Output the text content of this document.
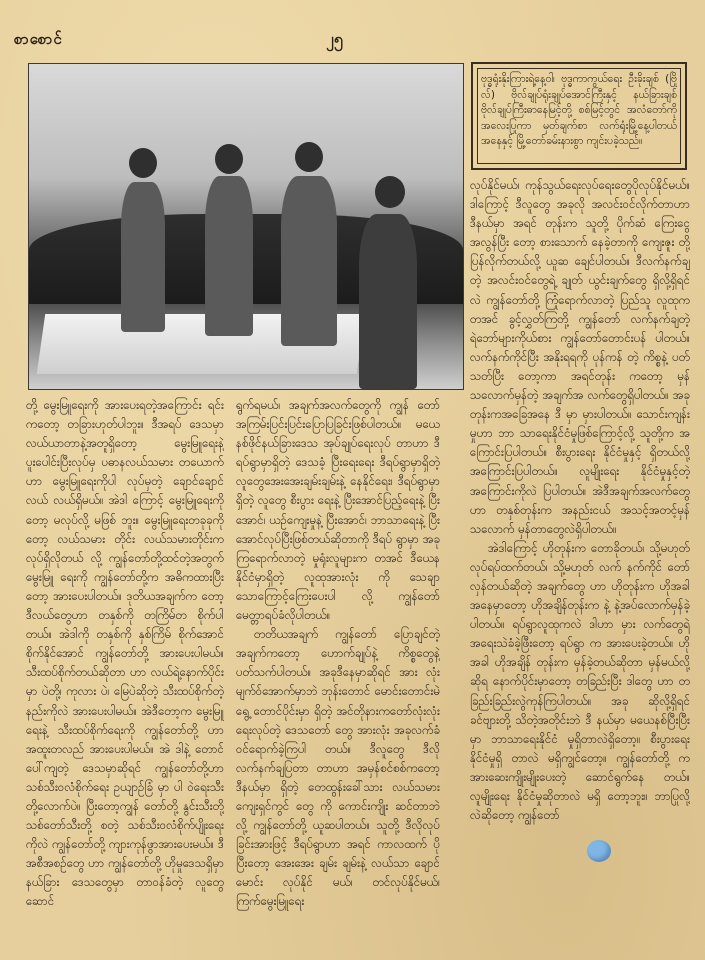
စာစောင်	၂၅

ဗုဒ္ဓရုံးနိုးကြားရဲ့နေ့ဝါ၊ ဗုဒ္ဓကာကွယ်ရေး ဦးခိုးချစ် (ဗြိုလ်) ဗိုလ်ချုပ်ရုံးချုပ်အောင်ကြီးနှင့် နယ်ခြားချစ် ဗိုလ်ချုပ်ကြီးဓာနေမြင့်တို့ စစ်မြင့်တွင် အလံတော်ကို အလေးပြုကာ မှတ်ချက်စာ လက်ရုံးမြို့နေ့ပါတယ်အနေနှင့် မြို့တော်ခမ်းနားစွာ ကျင်းပခဲ့သည်။

တို့ မွေးမြူရေးကို အားပေးရတဲ့အကြောင်း ရင်းကတော့ တခြားဟုတ်ပါဘူး။ ဒီအရပ် ဒေသမှာ လယ်ယာတာနဲ့အတူရှိတော့ မွေးမြူရေးနဲ့ ပူးပေါင်းပြီးလုပ်မှ ပဓာနလယ်သမား တယောက်ဟာ မွေးမြူရေးကိုပါ လုပ်မှတဲ့ ချောင်ချောင် လယ် လယ်ရှိမယ်။ အဲဒါ ကြောင့် မွေးမြူရေးကိုတော့ မလုပ်လို့ မဖြစ် ဘူး။ မွေးမြူရေးတခုခုကိုတော့ လယ်သမား တိုင်း လယ်သမားတိုင်းက လုပ်ရှိလိုတယ် လို့ ကျွန်တော်တို့ထင်တဲ့အတွက် မွေးမြူ ရေးကို ကျွန်တော်တို့က အဓိကထားပြီး တော့ အားပေးပါတယ်။ ဒုတိယအချက်က တော့ ဒီလယ်တွေဟာ တနှစ်ကို တကြိမ်တ စိုက်ပါတယ်။ အဲဒါကို တနှစ်ကို နှစ်ကြိမ် စိုက်အောင် စိုက်နိုင်အောင် ကျွန်တော်တို့ အားပေးပါမယ်။ သီးထပ်စိုက်တယ်ဆိုတာ ဟာ လယ်ရဲ့နောက်ပိုင်းမှာ ပဲတို့၊ ကုလား ပဲ၊ မြေပဲဆိုတဲ့ သီးထပ်စိုက်တဲ့ နည်းကိုလဲ အားပေးပါမယ်။ အဲဒီတော့က မွေးမြူ ရေးနဲ့ သီးထပ်စိုက်ရေးကို ကျွန်တော်တို့ ဟာ အထူးတလည် အားပေးပါမယ်။ အဲ ဒါနဲ့ တောင်ပေါ်ကျတဲ့ ဒေသမှာဆိုရင် ကျွန်တော်တို့ဟာ သစ်သီးဝလံစိုက်ရေး ဥယျာဉ်ခြံ မှာ ပါ ဝဲရေးသီးတို့လောက်ပဲ။ ပြီးတော့ကျွန် တော်တို့ နွင်းသီးတို့ သစ်တော်သီးတို့ စတဲ့ သစ်သီးဝလံစိုက်ပျိုးရေးကိုလဲ ကျွန်တော်တို့ ကျားကုန်ဖွာအားပေးမယ်။ ဒီအစီအစဉ်တွေ ဟာ ကျွန်တော်တို့ ဟိုမှုဒေသရှိမှာ နယ်ခြား ဒေသတွေမှာ တာဝန်ခံတဲ့ လူတွေဆောင်

ရွက်ရမယ်၊ အချက်အလက်တွေကို ကျွန် တော် အကြမ်းပြင်းပြင်းပြောပြခြင်းဖြစ်ပါတယ်။ မယေနစ်ဖိုင်နယ်ခြားဒေသ အုပ်ချုပ်ရေးလုပ် တာဟာ ဒီရပ်ရွာမှာရှိတဲ့ ဒေသခံ့ ပြီးရေးရေး ဒီရပ်ရွာမှာရှိတဲ့လူတွေအေးအေးချမ်းချမ်းနဲ့ နေနိုင်ရေး၊ ဒီရပ်ရွာမှာရှိတဲ့ လူတွေ စီးပွား ရေးနဲ့ ပြီးအောင်ပြည့်ရေးနဲ့ ပြီးအောင်၊ ယဉ်ကျေးမှုနဲ့ ပြီးအောင်၊ ဘာသာရေးနဲ့ ပြီးအောင်လုပ်ပြီးဖြစ်တယ်ဆိုတာကို ဒီရပ် ရွာမှာ အခုကြရောက်လာတဲ့ မှုရုံးလူများက တအင် ဒီယေနနိုင်ငံမှာရှိတဲ့ လူထုအားလုံး ကို သေချာသောကြောင့်ကြေးပေးပါ လို့ ကျွန်တော် မေတ္တာရပ်ခံလိုပါတယ်။

တတိယအချက် ကျွန်တော် ပြောချင်တဲ့ အချက်ကတော့ ဟောက်ချုပ်နဲ့ ကိစ္စတွေနဲ့ ပတ်သက်ပါတယ်။ အခုဒီနေမှာဆိုရင် အား လုံး မျက်ဝ်အောက်မှာဘဲ ဘုန်းတောင် မောင်းတောင်းမဲရွေ့ တောင်ပိုင်းမှာ ရှိတဲ့ အင်တိုနားကတော်လုံးလုံးရေးလုပ်တဲ့ ဒေသတော် တွေ အားလုံး အခုလက်ခံ ဝင်ရောက်ခဲ့ကြပါ တယ်။ ဒီလူတွေ ဒီလို လက်နက်ချပြတာ တာဟာ အမှန်စင်စစ်ကတော့ ဒီနယ်မှာ ရှိတဲ့ တေထွန်းခေါ်သား လယ်သမား ကျေးရှင်ကွင် တွေ ကို ကောင်းကျိုး ဆင်တာဘဲ လို့ ကျွန်တော်တို့ ယူဆပါတယ်။ သူတို့ ဒီလိုလုပ်ခြင်းအားဖြင့် ဒီရပ်ရွာဟာ အရင် ကာလထက် ပိုပြီးတော့ အေးအေး ချမ်း ချမ်းနဲ့ လယ်သာ ချောင်မောင်း လုပ်နိုင် မယ်၊ တင်လုပ်နိုင်မယ်၊ ကြက်မွေးမြူရေး

လုပ်နိုင်မယ်၊ ကုန်သွယ်ရေးလုပ်ရေးတွေပိုလုပ်နိုင်မယ်။ ဒါကြောင့် ဒီလူတွေ အခုလို အလင်းဝင်လိုက်တာဟာ ဒီနယ်မှာ အရင် တုန်းက သူတို့ ပိုက်ဆံ ကြေးငွေ အလွန်ပြီး တော့ စားသောက် နေခဲ့တာကို ကျေးဇူး တို့ပြန်လိုက်တယ်လို့ ယူဆ ချေင်ပါတယ်။ ဒီလက်နက်ချတဲ့ အလင်းဝင်တွေရဲ့ ချုတ် ယွင်းချက်တွေ ရှိလို့ရှိရင်လဲ ကျွန်တော်တို့ ကြုံရောက်လာတဲ့ ပြည်သူ လူထုက တအင် ခွင့်လွှတ်ကြတို့ ကျွန်တော် လက်နက်ချတဲ့ ရဲဘော်များကိုယ်စား ကျွန်တော်တောင်းပန် ပါတယ်။ လက်နက်ကိုင်ပြီး အနိုးရရကို ပုန်ကန် တဲ့ ကိစ္စနဲ့ ပတ်သတ်ပြီး တော့ကာ အရင်တုန်း ကတော့ မှန်သလောက်မှန်တဲ့ အချက်အ လက်တွေရှိပါတယ်။ အခုတုန်းကအခြေအနေ ဒီ မှာ မှားပါတယ်။ သောင်းကျန်းမှုဟာ ဘာ သာရေးနိုင်ငံမှုဖြစ်ကြောင့်လို့ သူတို့က အ ကြောင်းပြပါတယ်။ စီးပွားရေး နိုင်ငံမှုနှင့် ရှိတယ်လို့အကြောင်းပြပါတယ်။ လူမျိုးရေး နိုင်ငံမှုနှင့်တဲ့အကြောင်းကိုလဲ ပြပါတယ်။ အဲဒီအချက်အလက်တွေဟာ တနှစ်တုန်းက အနည်းငယ် အသင့်အတင့်မှန်သလောက် မှန်တာတွေလဲရှိပါတယ်။

အဲဒါကြောင့် ဟိုတုန်းက တောခိုတယ်၊ သို့မဟုတ် လုပ်ရပ်ထက်တယ်၊ သို့မဟုတ် လက် နက်ကိုင် တော်လှန်တယ်ဆိုတဲ့ အချက်တွေ ဟာ ဟိုတုန်းက ဟိုအခါ အနေမှာတော့ ဟိုအချိန်တုန်းက နဲ့ နဲ့အပ်လောက်မှန်ခဲ့ ပါတယ်။ ရပ်ရွာလူထုကလဲ ဒါဟာ မှား လက်တွေရဲ့ အရေးသဲခံခဲ့ဖြီးတော့ ရပ်ရွာ က အားပေးခဲ့တယ်။ ဟိုအခါ ဟိုအချိန် တုန်းက မှန်ခဲ့တယ်ဆိုတာ မှန်မယ်လို့ ဆိုရ နောက်ပိုင်းမှာတော့ တခြည်းပြီး ဒါတွေ ဟာ တခြည်းခြည်းလွဲကုန်ကြပါတယ်။ အခု ဆိုလို့ရှိရင် ခင်ဗျားတို့ သိတဲ့အတိုင်းဘဲ ဒီ နယ်မှာ မယေနစ်ပြီးပြီးမှာ ဘာသာရေးနိုင်ငံ မှုရှိတာလဲရှိတော့။ စီးပွားရေးနိုင်ငံမှုရှိ တာလဲ မရှိကျွင်တော့။ ကျွန်တော်တို့ က အားဆေးကျိုးမျိုးပေးတဲ့ ဆောင်ရွက်နေ တယ်။ လူမျိုးရေး နိုင်ငံမှုဆိုတာလဲ မရှိ တော့ဘူး။ ဘာပြုလို့လဲဆိုတော့ ကျွန်တော်
